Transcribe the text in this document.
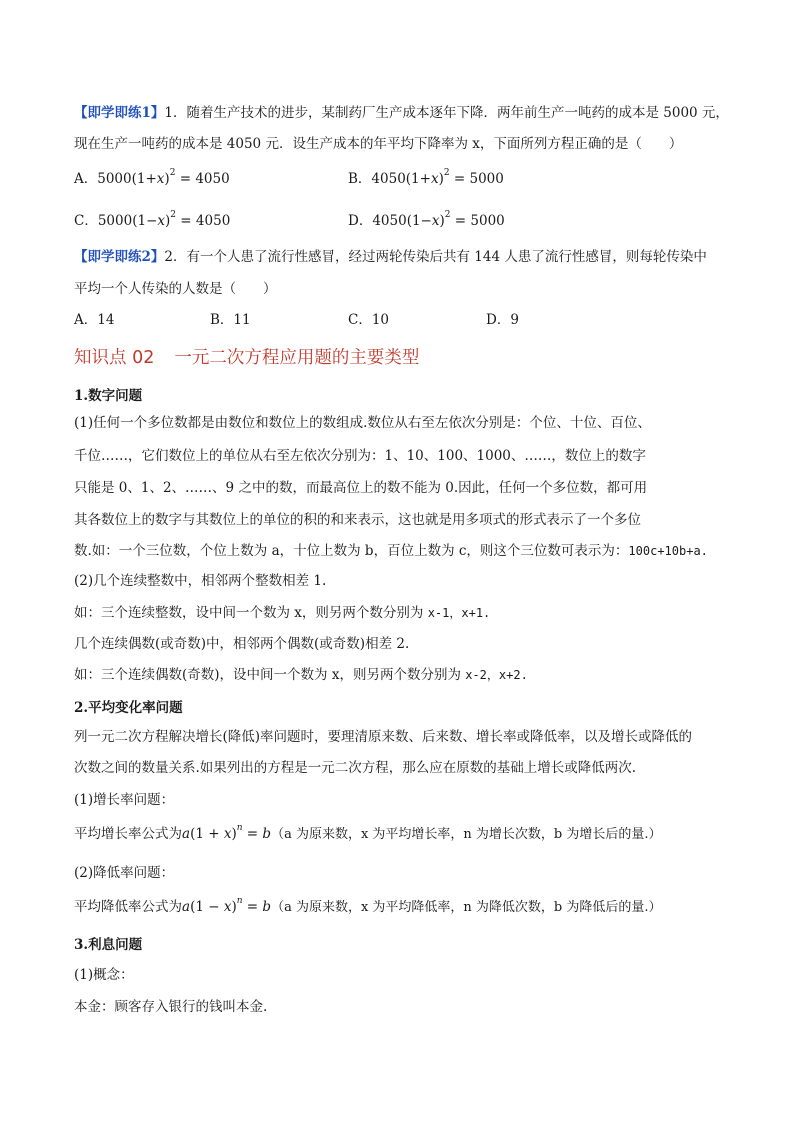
【即学即练1】1．随着生产技术的进步，某制药厂生产成本逐年下降．两年前生产一吨药的成本是 5000 元，
现在生产一吨药的成本是 4050 元．设生产成本的年平均下降率为 x，下面所列方程正确的是（　　）
A．$5000(1+x)^2 = 4050$	B．$4050(1+x)^2 = 5000$
C．$5000(1-x)^2 = 4050$	D．$4050(1-x)^2 = 5000$
【即学即练2】2．有一个人患了流行性感冒，经过两轮传染后共有 144 人患了流行性感冒，则每轮传染中
平均一个人传染的人数是（　　）
A．14	B．11	C．10	D．9
知识点 02 一元二次方程应用题的主要类型
1.数字问题
(1)任何一个多位数都是由数位和数位上的数组成.数位从右至左依次分别是：个位、十位、百位、
千位……，它们数位上的单位从右至左依次分别为：1、10、100、1000、……，数位上的数字
只能是 0、1、2、……、9 之中的数，而最高位上的数不能为 0.因此，任何一个多位数，都可用
其各数位上的数字与其数位上的单位的积的和来表示，这也就是用多项式的形式表示了一个多位
数.如：一个三位数，个位上数为 a，十位上数为 b，百位上数为 c，则这个三位数可表示为：100c+10b+a.
(2)几个连续整数中，相邻两个整数相差 1.
如：三个连续整数，设中间一个数为 x，则另两个数分别为 x-1，x+1.
几个连续偶数(或奇数)中，相邻两个偶数(或奇数)相差 2.
如：三个连续偶数(奇数)，设中间一个数为 x，则另两个数分别为 x-2，x+2.
2.平均变化率问题
列一元二次方程解决增长(降低)率问题时，要理清原来数、后来数、增长率或降低率，以及增长或降低的
次数之间的数量关系.如果列出的方程是一元二次方程，那么应在原数的基础上增长或降低两次.
(1)增长率问题：
平均增长率公式为$a(1 + x)^n = b(a$ 为原来数，x 为平均增长率，n 为增长次数，b 为增长后的量.）
(2)降低率问题：
平均降低率公式为$a(1 - x)^n = b(a$ 为原来数，x 为平均降低率，n 为降低次数，b 为降低后的量.）
3.利息问题
(1)概念：
本金：顾客存入银行的钱叫本金.
